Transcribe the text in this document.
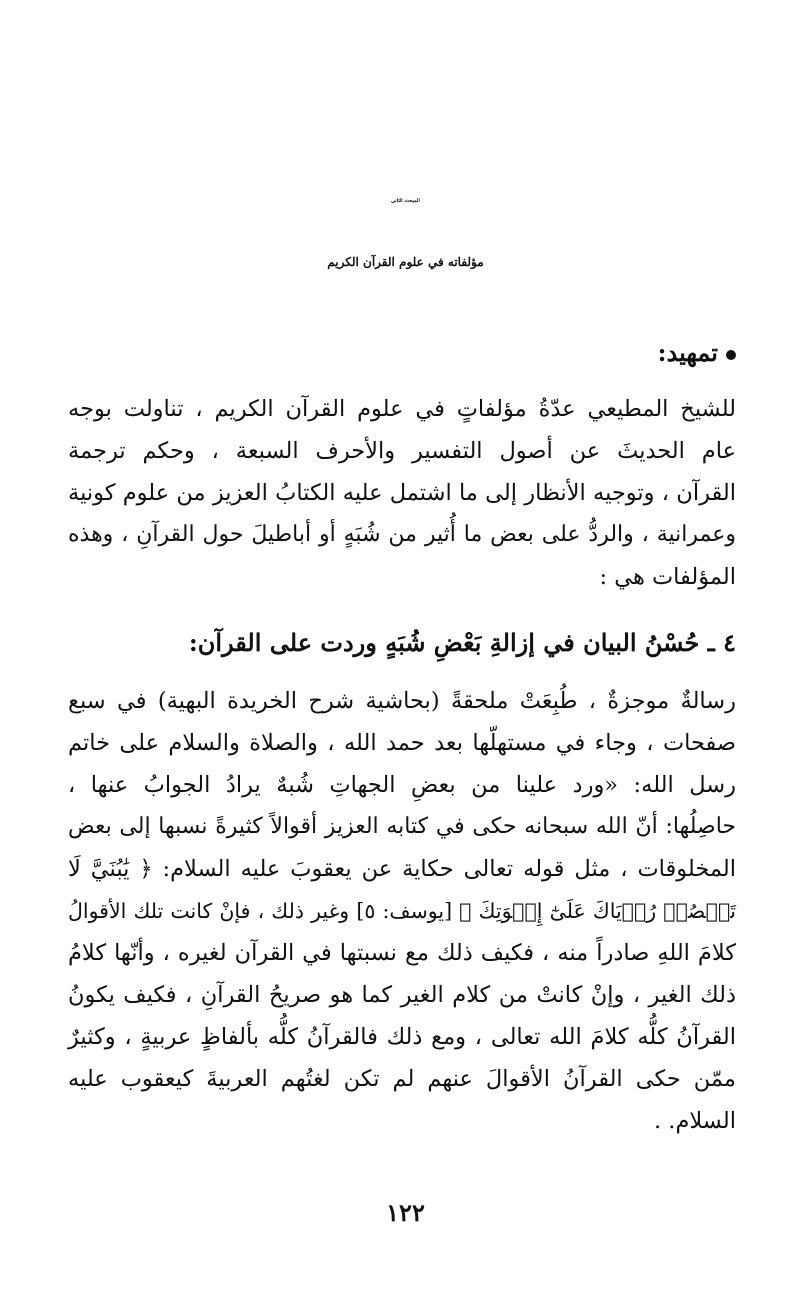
المبحث الثاني
مؤلفاته في علوم القرآن الكريم
تمهيد:
للشيخ المطيعي عدّةُ مؤلفاتٍ في علوم القرآن الكريم ، تناولت بوجه
عام الحديثَ عن أصول التفسير والأحرف السبعة ، وحكم ترجمة
القرآن ، وتوجيه الأنظار إلى ما اشتمل عليه الكتابُ العزيز من علوم كونية
وعمرانية ، والردُّ على بعض ما أُثير من شُبَهٍ أو أباطيلَ حول القرآنِ ، وهذه
المؤلفات هي :
٤ ـ حُسْنُ البيان في إزالةِ بَعْضِ شُبَهٍ وردت على القرآن:
رسالةٌ موجزةٌ ، طُبِعَتْ ملحقةً (بحاشية شرح الخريدة البهية) في سبع
صفحات ، وجاء في مستهلّها بعد حمد الله ، والصلاة والسلام على خاتم
رسل الله: «ورد علينا من بعضِ الجهاتِ شُبهٌ يرادُ الجوابُ عنها ،
حاصِلُها: أنّ الله سبحانه حكى في كتابه العزيز أقوالاً كثيرةً نسبها إلى بعض
المخلوقات ، مثل قوله تعالى حكاية عن يعقوبَ عليه السلام: ﴿ يَٰبُنَيَّ لَا
تَقۡصُصۡ رُءۡيَاكَ عَلَىٰٓ إِخۡوَتِكَ ﴾ [يوسف: ٥] وغير ذلك ، فإنْ كانت تلك الأقوالُ
كلامَ اللهِ صادراً منه ، فكيف ذلك مع نسبتها في القرآن لغيره ، وأنّها كلامُ
ذلك الغير ، وإنْ كانتْ من كلام الغير كما هو صريحُ القرآنِ ، فكيف يكونُ
القرآنُ كلُّه كلامَ الله تعالى ، ومع ذلك فالقرآنُ كلُّه بألفاظٍ عربيةٍ ، وكثيرٌ
ممّن حكى القرآنُ الأقوالَ عنهم لم تكن لغتُهم العربيةَ كيعقوب عليه
السلام. .
١٢٢
